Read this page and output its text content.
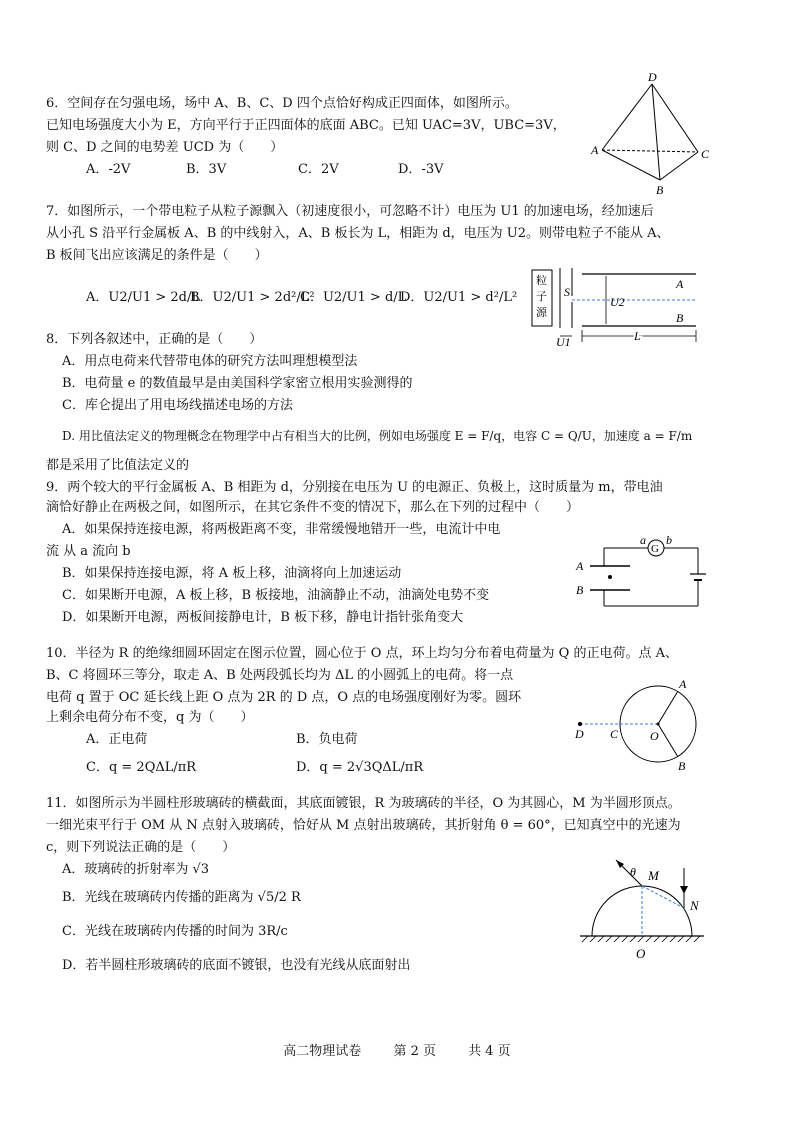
6．空间存在匀强电场，场中 A、B、C、D 四个点恰好构成正四面体，如图所示。
已知电场强度大小为 E，方向平行于正四面体的底面 ABC。已知 UAC=3V，UBC=3V，
则 C、D 之间的电势差 UCD 为（　　）
A．-2V	B．3V	C．2V	D．-3V
D
A	C
B
7．如图所示，一个带电粒子从粒子源飘入（初速度很小，可忽略不计）电压为 U1 的加速电场，经加速后
从小孔 S 沿平行金属板 A、B 的中线射入，A、B 板长为 L，相距为 d，电压为 U2。则带电粒子不能从 A、
B 板间飞出应该满足的条件是（　　）
A．U2/U1 > 2d/L
B．U2/U1 > 2d²/L²
C．U2/U1 > d/L
D．U2/U1 > d²/L²
粒
子
源
S
A
U2
B
U1	L
8．下列各叙述中，正确的是（　　）
A．用点电荷来代替带电体的研究方法叫理想模型法
B．电荷量 e 的数值最早是由美国科学家密立根用实验测得的
C．库仑提出了用电场线描述电场的方法
D. 用比值法定义的物理概念在物理学中占有相当大的比例，例如电场强度 E = F/q，电容 C = Q/U，加速度 a = F/m
都是采用了比值法定义的
9．两个较大的平行金属板 A、B 相距为 d，分别接在电压为 U 的电源正、负极上，这时质量为 m，带电油
滴恰好静止在两极之间，如图所示，在其它条件不变的情况下，那么在下列的过程中（　　）
A．如果保持连接电源，将两极距离不变，非常缓慢地错开一些，电流计中电
流 从 a 流向 b
B．如果保持连接电源，将 A 板上移，油滴将向上加速运动
C．如果断开电源，A 板上移，B 板接地，油滴静止不动，油滴处电势不变
D．如果断开电源，两板间接静电计，B 板下移，静电计指针张角变大
G
a b
A
B
10．半径为 R 的绝缘细圆环固定在图示位置，圆心位于 O 点，环上均匀分布着电荷量为 Q 的正电荷。点 A、
B、C 将圆环三等分，取走 A、B 处两段弧长均为 ΔL 的小圆弧上的电荷。将一点
电荷 q 置于 OC 延长线上距 O 点为 2R 的 D 点，O 点的电场强度刚好为零。圆环
上剩余电荷分布不变，q 为（　　）
A．正电荷	B．负电荷
C．q = 2QΔL/πR	D．q = 2√3QΔL/πR
A
D C	O
B
11．如图所示为半圆柱形玻璃砖的横截面，其底面镀银，R 为玻璃砖的半径，O 为其圆心，M 为半圆形顶点。
一细光束平行于 OM 从 N 点射入玻璃砖，恰好从 M 点射出玻璃砖，其折射角 θ = 60°，已知真空中的光速为
c，则下列说法正确的是（　　）
A．玻璃砖的折射率为 √3
B．光线在玻璃砖内传播的距离为 √5/2 R
C．光线在玻璃砖内传播的时间为 3R/c
D．若半圆柱形玻璃砖的底面不镀银，也没有光线从底面射出
θ M
N
O
高二物理试卷 第 2 页 共 4 页
